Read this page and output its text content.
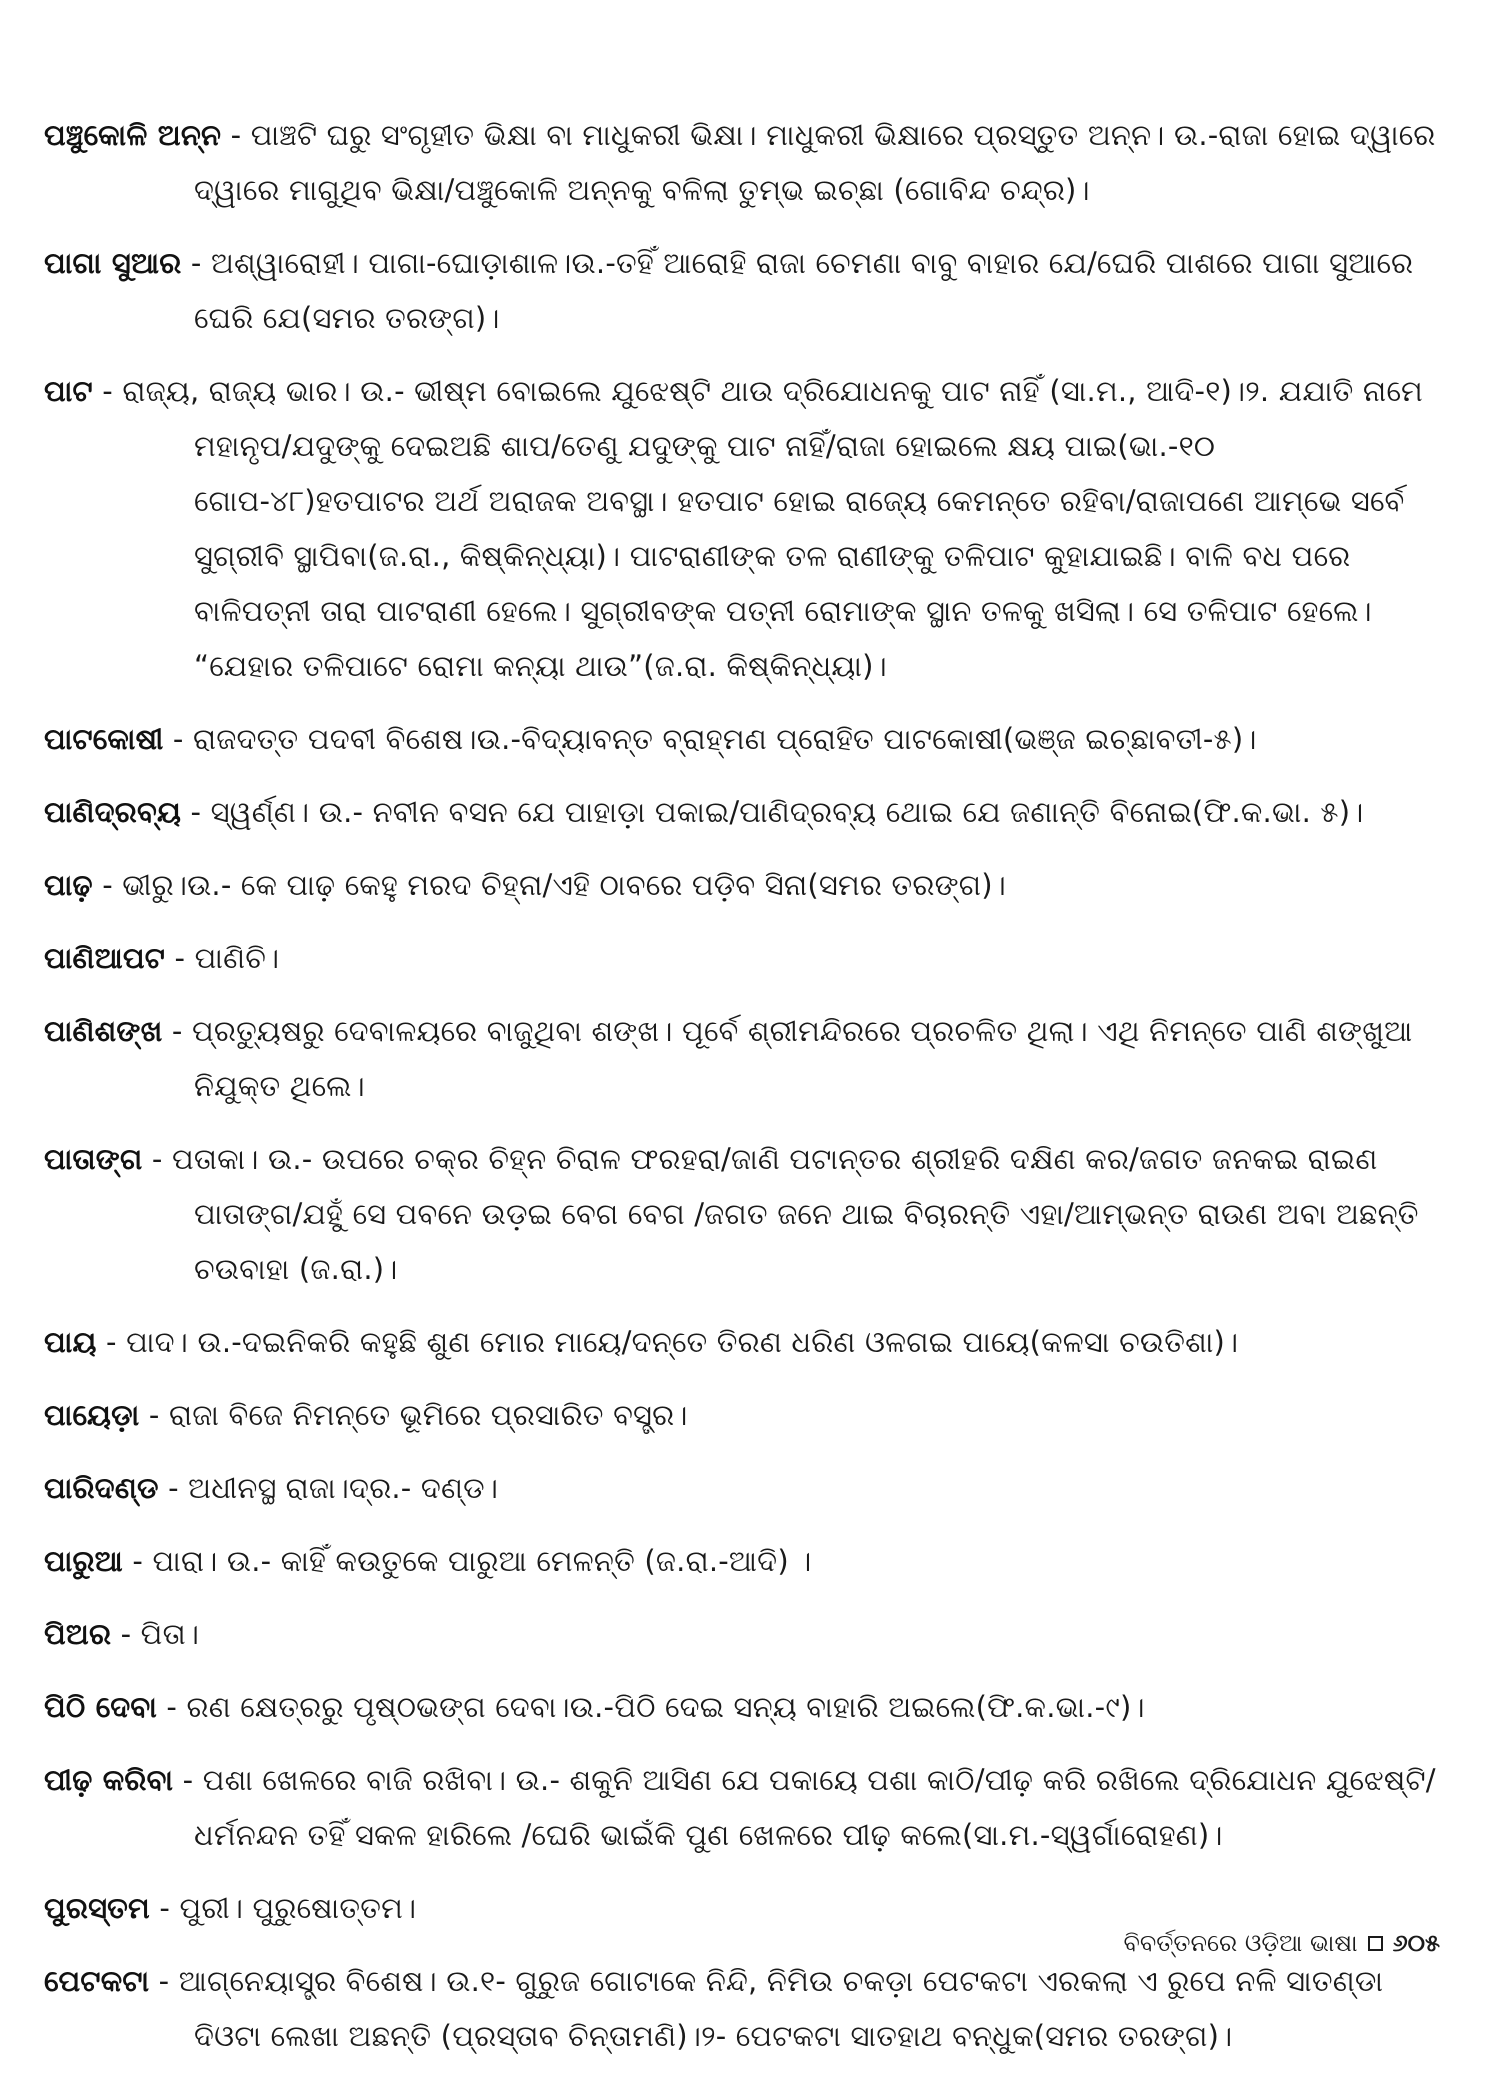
ପଞ୍ଚୁକୋଳି ଅନ୍ନ - ପାଞ୍ଚଟି ଘରୁ ସଂଗୃହୀତ ଭିକ୍ଷା ବା ମାଧୁକରୀ ଭିକ୍ଷା। ମାଧୁକରୀ ଭିକ୍ଷାରେ ପ୍ରସ୍ତୁତ ଅନ୍ନ। ଉ.-ରାଜା ହୋଇ ଦ୍ୱାରେ ଦ୍ୱାରେ ମାଗୁଥିବ ଭିକ୍ଷା/ପଞ୍ଚୁକୋଳି ଅନ୍ନକୁ ବଳିଲା ତୁମ୍ଭ ଇଚ୍ଛା (ଗୋବିନ୍ଦ ଚନ୍ଦ୍ର)।

ପାଗା ସୁଆର - ଅଶ୍ୱାରୋହୀ। ପାଗା-ଘୋଡ଼ାଶାଳ।ଉ.-ତହିଁ ଆରୋହି ରାଜା ଚେମଣା ବାବୁ ବାହାର ଯେ/ଘେରି ପାଶରେ ପାଗା ସୁଆରେ ଘେରି ଯେ(ସମର ତରଙ୍ଗ)।

ପାଟ - ରାଜ୍ୟ, ରାଜ୍ୟ ଭାର। ଉ.- ଭୀଷ୍ମ ବୋଇଲେ ଯୁଝେଷ୍ଟି ଥାଉ ଦ୍ରିଯୋଧନକୁ ପାଟ ନାହିଁ (ସା.ମ., ଆଦି-୧)।୨. ଯଯାତି ନାମେ ମହାନୃପ/ଯଦୁଙ୍କୁ ଦେଇଅଛି ଶାପ/ତେଣୁ ଯଦୁଙ୍କୁ ପାଟ ନାହିଁ/ରାଜା ହୋଇଲେ କ୍ଷୟ ପାଇ(ଭା.-୧୦ ଗୋପ-୪୮)ହତପାଟର ଅର୍ଥ ଅରାଜକ ଅବସ୍ଥା। ହତପାଟ ହୋଇ ରାଜ୍ୟେ କେମନ୍ତେ ରହିବା/ରାଜାପଣେ ଆମ୍ଭେ ସର୍ବେ ସୁଗ୍ରୀବି ସ୍ଥାପିବା(ଜ.ରା., କିଷ୍କିନ୍ଧ୍ୟା)। ପାଟରାଣୀଙ୍କ ତଳ ରାଣୀଙ୍କୁ ତଳିପାଟ କୁହାଯାଇଛି। ବାଳି ବଧ ପରେ ବାଳିପତ୍ନୀ ତାରା ପାଟରାଣୀ ହେଲେ। ସୁଗ୍ରୀବଙ୍କ ପତ୍ନୀ ରୋମାଙ୍କ ସ୍ଥାନ ତଳକୁ ଖସିଲା। ସେ ତଳିପାଟ ହେଲେ। “ଯେହାର ତଳିପାଟେ ରୋମା କନ୍ୟା ଥାଉ”(ଜ.ରା. କିଷ୍କିନ୍ଧ୍ୟା)।

ପାଟକୋଷୀ - ରାଜଦତ୍ତ ପଦବୀ ବିଶେଷ।ଉ.-ବିଦ୍ୟାବନ୍ତ ବ୍ରାହ୍ମଣ ପ୍ରୋହିତ ପାଟକୋଷୀ(ଭଞ୍ଜ ଇଚ୍ଛାବତୀ-୫)।

ପାଣିଦ୍ରବ୍ୟ - ସ୍ୱର୍ଣ୍ଣ। ଉ.- ନବୀନ ବସନ ଯେ ପାହାଡ଼ା ପକାଇ/ପାଣିଦ୍ରବ୍ୟ ଥୋଇ ଯେ ଜଣାନ୍ତି ବିନୋଇ(ଫି.କ.ଭା. ୫)।

ପାଢ଼ - ଭୀରୁ।ଉ.- କେ ପାଢ଼ କେହୁ ମରଦ ଚିହ୍ନା/ଏହି ଠାବରେ ପଡ଼ିବ ସିନା(ସମର ତରଙ୍ଗ)।

ପାଣିଆପଟ - ପାଣିଚି।

ପାଣିଶଙ୍ଖ - ପ୍ରତ୍ୟୁଷରୁ ଦେବାଳୟରେ ବାଜୁଥିବା ଶଙ୍ଖ। ପୂର୍ବେ ଶ୍ରୀମନ୍ଦିରରେ ପ୍ରଚଳିତ ଥିଲା। ଏଥି ନିମନ୍ତେ ପାଣି ଶଙ୍ଖୁଆ ନିଯୁକ୍ତ ଥିଲେ।

ପାତାଙ୍ଗ - ପତାକା। ଉ.- ଉପରେ ଚକ୍ର ଚିହ୍ନ ଚିରାଳ ଫରହରା/ଜାଣି ପଟାନ୍ତର ଶ୍ରୀହରି ଦକ୍ଷିଣ କର/ଜଗତ ଜନକଇ ରାଇଣ ପାତାଙ୍ଗ/ଯହୁଁ ସେ ପବନେ ଉଡ଼ଇ ବେଗ ବେଗ /ଜଗତ ଜନେ ଥାଇ ବିଚାରନ୍ତି ଏହା/ଆମ୍ଭନ୍ତ ରାଉଣ ଅବା ଅଛନ୍ତି ଚଉବାହା (ଜ.ରା.)।

ପାୟ - ପାଦ। ଉ.-ଦଇନିକରି କହୁଛି ଶୁଣ ମୋର ମାୟେ/ଦନ୍ତେ ତିରଣ ଧରିଣ ଓଳଗଇ ପାୟେ(କଳସା ଚଉତିଶା)।

ପାୟେଡ଼ା - ରାଜା ବିଜେ ନିମନ୍ତେ ଭୂମିରେ ପ୍ରସାରିତ ବସ୍ତ୍ର।

ପାରିଦଣ୍ଡ - ଅଧୀନସ୍ଥ ରାଜା।ଦ୍ର.- ଦଣ୍ଡ।

ପାରୁଆ - ପାରା। ଉ.- କାହିଁ କଉତୁକେ ପାରୁଆ ମେଳନ୍ତି (ଜ.ରା.-ଆଦି) ।

ପିଅର - ପିତା।

ପିଠି ଦେବା - ରଣ କ୍ଷେତ୍ରରୁ ପୃଷ୍ଠଭଙ୍ଗ ଦେବା।ଉ.-ପିଠି ଦେଇ ସନ୍ୟ ବାହାରି ଅଇଲେ(ଫି.କ.ଭା.-୯)।

ପୀଢ଼ କରିବା - ପଶା ଖେଳରେ ବାଜି ରଖିବା। ଉ.- ଶକୁନି ଆସିଣ ଯେ ପକାୟେ ପଶା କାଠି/ପୀଢ଼ କରି ରଖିଲେ ଦ୍ରିଯୋଧନ ଯୁଝେଷ୍ଟି/ଧର୍ମନନ୍ଦନ ତହିଁ ସକଳ ହାରିଲେ /ଘେରି ଭାଇଁକି ପୁଣ ଖେଳରେ ପୀଢ଼ କଲେ(ସା.ମ.-ସ୍ୱର୍ଗାରୋହଣ)।

ପୁରସ୍ତମ - ପୁରୀ। ପୁରୁଷୋତ୍ତମ।

ପେଟକଟା - ଆଗ୍ନେୟାସ୍ତ୍ର ବିଶେଷ। ଉ.୧- ଗୁରୁଜ ଗୋଟାକେ ନିନ୍ଦି, ନିମିଉ ଚକଡ଼ା ପେଟକଟା ଏରକଲା ଏ ରୁପେ ନଳି ସାତଣ୍ଡା ଦିଓଟା ଲେଖା ଅଛନ୍ତି (ପ୍ରସ୍ତାବ ଚିନ୍ତାମଣି)।୨- ପେଟକଟା ସାତହାଥ ବନ୍ଧୁକ(ସମର ତରଙ୍ଗ)।

ବିବର୍ତ୍ତନରେ ଓଡ଼ିଆ ଭାଷା ୬୦୫
